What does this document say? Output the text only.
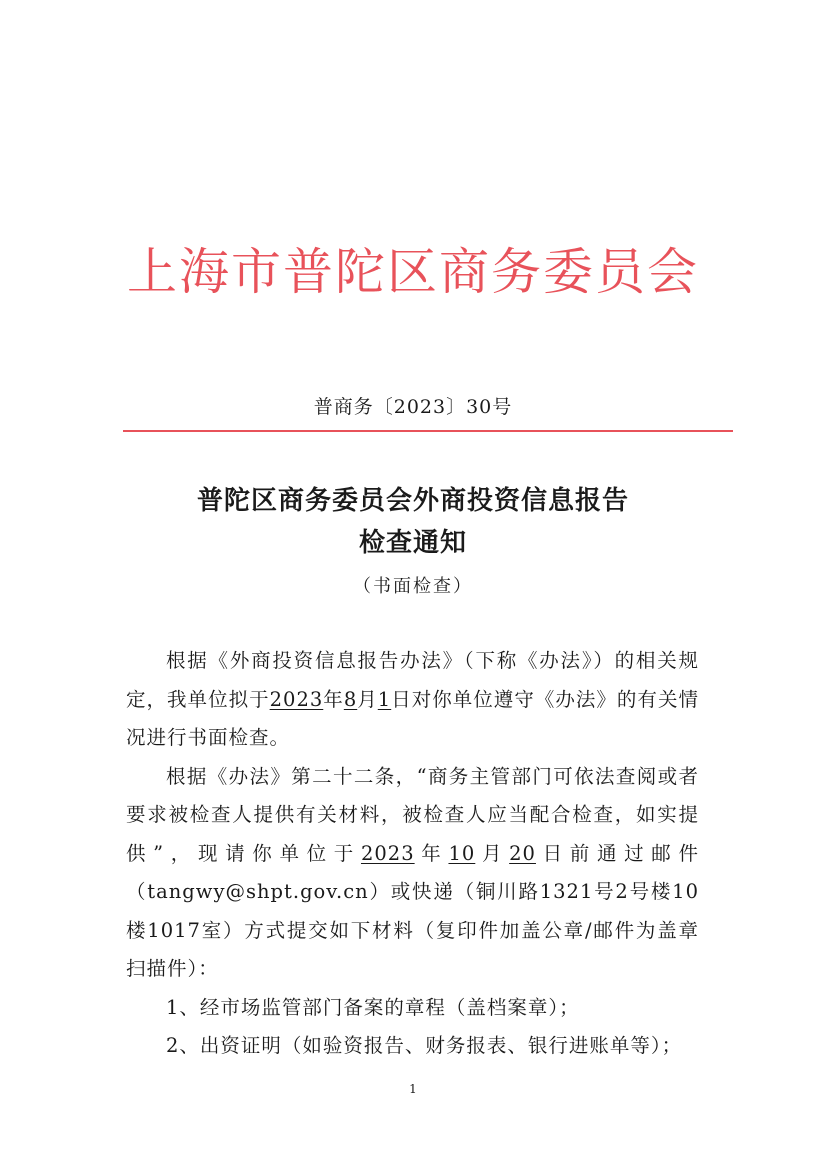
上海市普陀区商务委员会
普商务〔2023〕30号
普陀区商务委员会外商投资信息报告
检查通知
（书面检查）

根据《外商投资信息报告办法》（下称《办法》）的相关规定，我单位拟于2023年8月1日对你单位遵守《办法》的有关情况进行书面检查。

根据《办法》第二十二条，“商务主管部门可依法查阅或者要求被检查人提供有关材料，被检查人应当配合检查，如实提供”，现请你单位于2023年10月20日前通过邮件（tangwy@shpt.gov.cn）或快递（铜川路1321号2号楼10楼1017室）方式提交如下材料（复印件加盖公章/邮件为盖章扫描件）：

1、经市场监管部门备案的章程（盖档案章）；

2、出资证明（如验资报告、财务报表、银行进账单等）；

1
